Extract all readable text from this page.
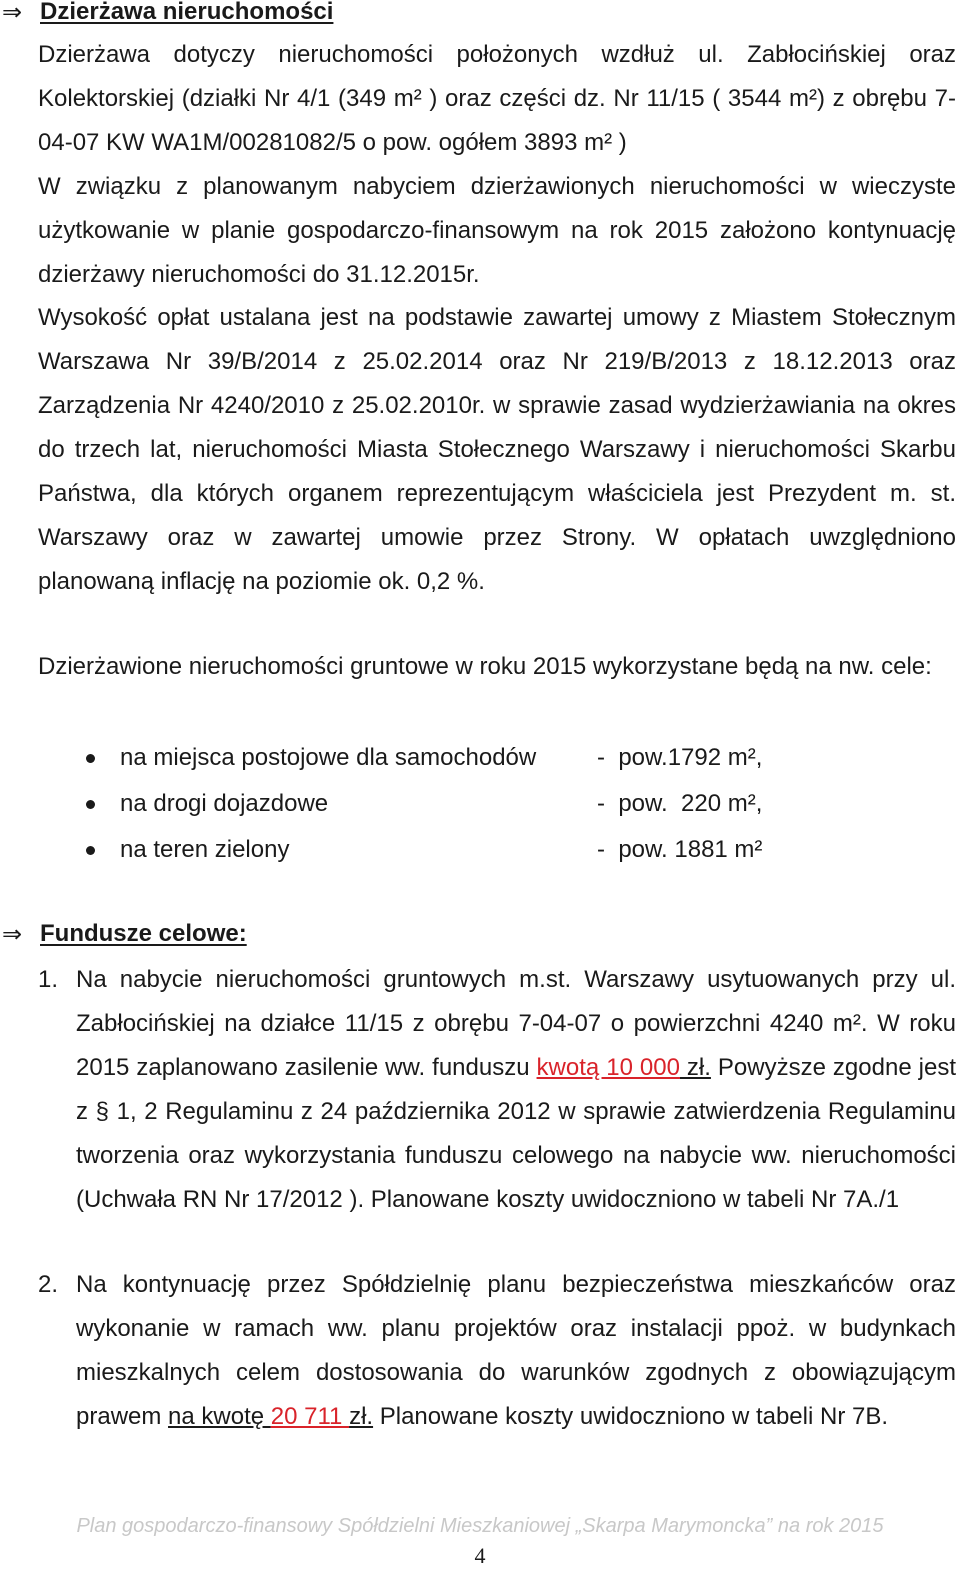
⇒ Dzierżawa nieruchomości

Dzierżawa dotyczy nieruchomości położonych wzdłuż ul. Zabłocińskiej oraz Kolektorskiej (działki Nr 4/1 (349 m² ) oraz części dz. Nr 11/15 ( 3544 m²) z obrębu 7-04-07 KW WA1M/00281082/5 o pow. ogółem 3893 m² )

W związku z planowanym nabyciem dzierżawionych nieruchomości w wieczyste użytkowanie w planie gospodarczo-finansowym na rok 2015 założono kontynuację dzierżawy nieruchomości do 31.12.2015r.

Wysokość opłat ustalana jest na podstawie zawartej umowy z Miastem Stołecznym Warszawa Nr 39/B/2014 z 25.02.2014 oraz Nr 219/B/2013 z 18.12.2013 oraz Zarządzenia Nr 4240/2010 z 25.02.2010r. w sprawie zasad wydzierżawiania na okres do trzech lat, nieruchomości Miasta Stołecznego Warszawy i nieruchomości Skarbu Państwa, dla których organem reprezentującym właściciela jest Prezydent m. st. Warszawy oraz w zawartej umowie przez Strony. W opłatach uwzględniono planowaną inflację na poziomie ok. 0,2 %.

Dzierżawione nieruchomości gruntowe w roku 2015 wykorzystane będą na nw. cele:

na miejsca postojowe dla samochodów	-  pow.1792 m²,
na drogi dojazdowe	-  pow.  220 m²,
na teren zielony	-  pow. 1881 m²
⇒ Fundusze celowe:
1. Na nabycie nieruchomości gruntowych m.st. Warszawy usytuowanych przy ul. Zabłocińskiej na działce 11/15 z obrębu 7-04-07 o powierzchni 4240 m². W roku 2015 zaplanowano zasilenie ww. funduszu kwotą 10 000 zł. Powyższe zgodne jest z § 1, 2 Regulaminu z 24 października 2012 w sprawie zatwierdzenia Regulaminu tworzenia oraz wykorzystania funduszu celowego na nabycie ww. nieruchomości (Uchwała RN Nr 17/2012 ). Planowane koszty uwidoczniono w tabeli Nr 7A./1

2. Na kontynuację przez Spółdzielnię planu bezpieczeństwa mieszkańców oraz wykonanie w ramach ww. planu projektów oraz instalacji ppoż. w budynkach mieszkalnych celem dostosowania do warunków zgodnych z obowiązującym prawem na kwotę 20 711 zł. Planowane koszty uwidoczniono w tabeli Nr 7B.

Plan gospodarczo-finansowy Spółdzielni Mieszkaniowej „Skarpa Marymoncka” na rok 2015
4
